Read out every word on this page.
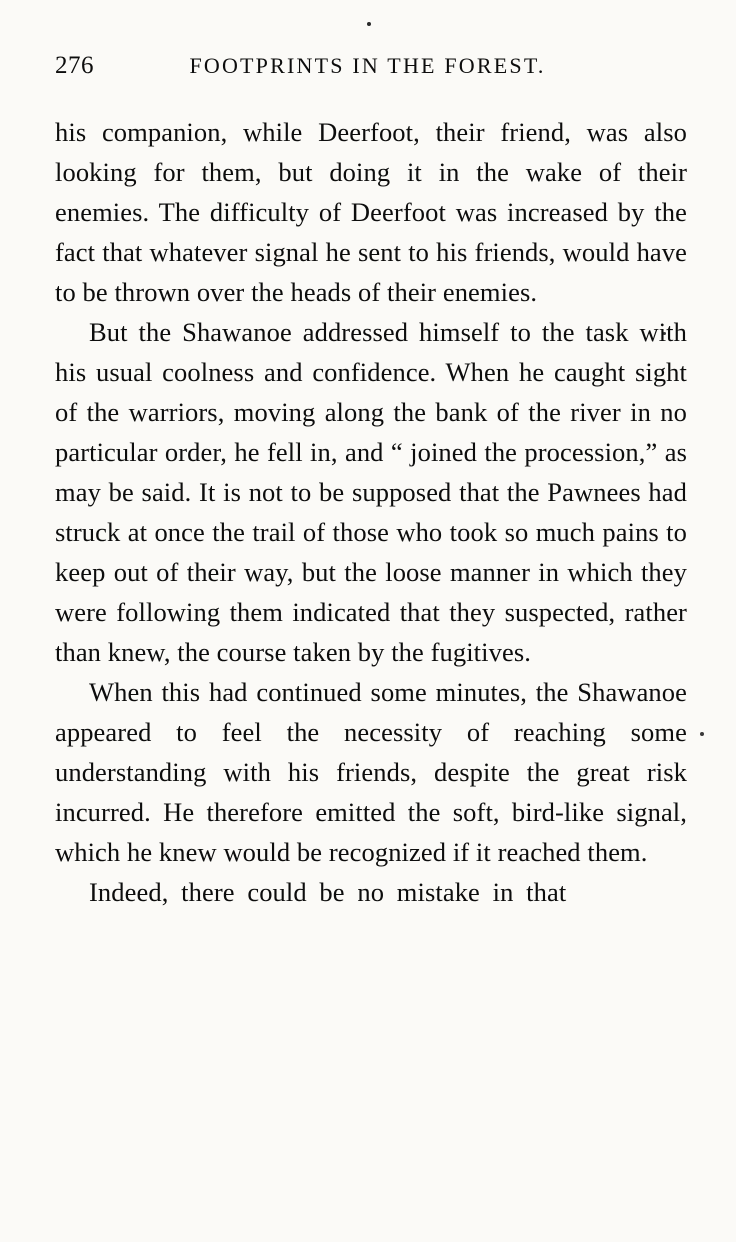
276	FOOTPRINTS IN THE FOREST.

his companion, while Deerfoot, their friend, was also looking for them, but doing it in the wake of their enemies. The difficulty of Deerfoot was increased by the fact that whatever signal he sent to his friends, would have to be thrown over the heads of their enemies.

But the Shawanoe addressed himself to the task with his usual coolness and confidence. When he caught sight of the warriors, moving along the bank of the river in no particular order, he fell in, and “ joined the procession,” as may be said. It is not to be supposed that the Pawnees had struck at once the trail of those who took so much pains to keep out of their way, but the loose manner in which they were following them indicated that they suspected, rather than knew, the course taken by the fugitives.

When this had continued some minutes, the Shawanoe appeared to feel the necessity of reaching some understanding with his friends, despite the great risk incurred. He therefore emitted the soft, bird-like signal, which he knew would be recognized if it reached them.

Indeed, there could be no mistake in that
